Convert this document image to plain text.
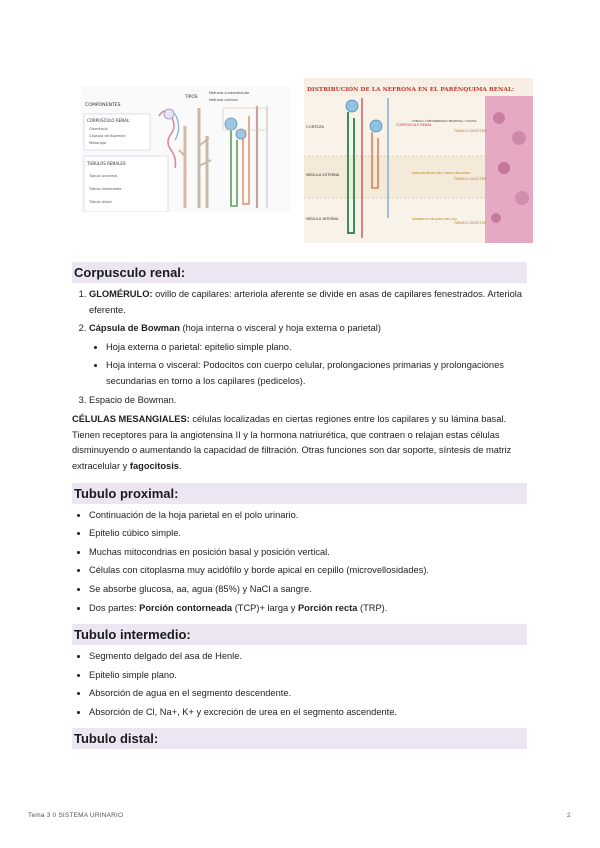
COMPONENTES
CORPUSCULO RENAL:
Glomérulo
Cápsula de Bowman
Mesangio
TÚBULOS RENALES:
Túbulo proximal
Túbulo intermedio
Túbulo distal
TIPOS:
Nefrona yuxtamedular
Nefrona cortical
DISTRIBUCIÓN DE LA NEFRONA EN EL PARÉNQUIMA RENAL:
CORTEZA
MÉDULA EXTERNA
MÉDULA INTERNA
CORPÚSCULO RENAL
TÚBULO CONTORNEADO PROXIMAL Y DISTAL
PORCIÓN RECTA DEL TÚBULO PROXIMAL
SEGMENTO DELGADO DEL ASA
TÚBULO COLECTOR
TÚBULO COLECTOR
TÚBULO COLECTOR
Corpusculo renal:
1. GLOMÉRULO: ovillo de capilares: arteriola aferente se divide en asas de capilares fenestrados. Arteriola eferente.
2. Cápsula de Bowman (hoja interna o visceral y hoja externa o parietal)
• Hoja externa o parietal: epitelio simple plano.
• Hoja interna o visceral: Podocitos con cuerpo celular, prolongaciones primarias y prolongaciones secundarias en torno a los capilares (pedicelos).
3. Espacio de Bowman.

CÉLULAS MESANGIALES: células localizadas en ciertas regiones entre los capilares y su lámina basal. Tienen receptores para la angiotensina II y la hormona natriurética, que contraen o relajan estas células disminuyendo o aumentando la capacidad de filtración. Otras funciones son dar soporte, síntesis de matriz extracelular y fagocitosis.

Tubulo proximal:
• Continuación de la hoja parietal en el polo urinario.
• Epitelio cúbico simple.
• Muchas mitocondrias en posición basal y posición vertical.
• Células con citoplasma muy acidófilo y borde apical en cepillo (microvellosidades).
• Se absorbe glucosa, aa, agua (85%) y NaCl a sangre.
• Dos partes: Porción contorneada (TCP)+ larga y Porción recta (TRP).
Tubulo intermedio:
• Segmento delgado del asa de Henle.
• Epitelio simple plano.
• Absorción de agua en el segmento descendente.
• Absorción de Cl, Na+, K+ y excreción de urea en el segmento ascendente.
Tubulo distal:
Tema 3 0 SISTEMA URINARIO	2
